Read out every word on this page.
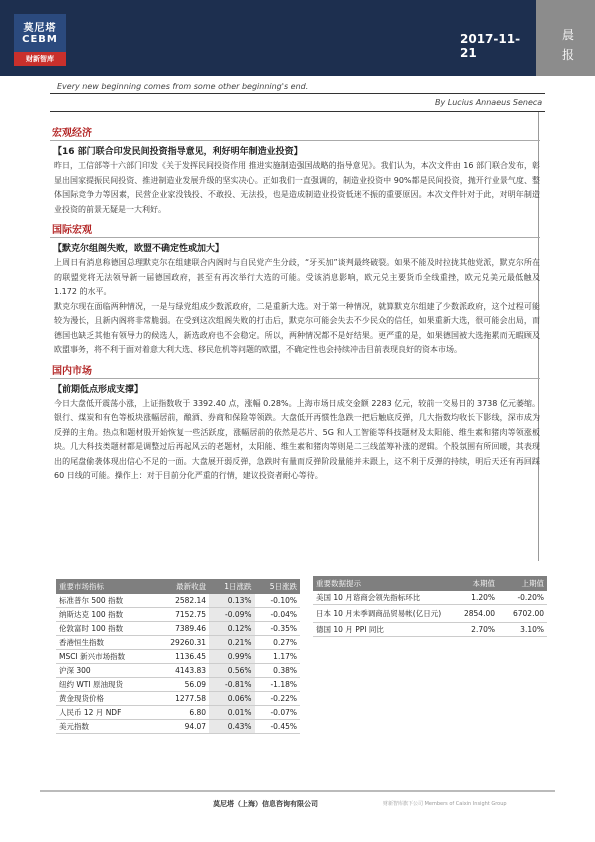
莫尼塔
CEBM
财新智库
2017-11-21
晨
报
Every new beginning comes from some other beginning's end.
By Lucius Annaeus Seneca
宏观经济
【16 部门联合印发民间投资指导意见，利好明年制造业投资】

昨日，工信部等十六部门印发《关于发挥民间投资作用 推进实施制造强国战略的指导意见》。我们认为，本次文件由 16 部门联合发布，彰显出国家提振民间投资、推进制造业发展升级的坚实决心。正如我们一直强调的，制造业投资中 90%都是民间投资，抛开行业景气度、整体国际竞争力等因素，民营企业家没钱投、不敢投、无法投，也是造成制造业投资低迷不振的重要原因。本次文件针对于此，对明年制造业投资的前景无疑是一大利好。

国际宏观
【默克尔组阁失败，欧盟不确定性或加大】

上周日有消息称德国总理默克尔在组建联合内阁时与自民党产生分歧，“牙买加”谈判最终破裂。如果不能及时拉拢其他党派，默克尔所在的联盟党将无法领导新一届德国政府，甚至有再次举行大选的可能。受该消息影响，欧元兑主要货币全线重挫，欧元兑美元最低触及 1.172 的水平。

默克尔现在面临两种情况，一是与绿党组成少数派政府，二是重新大选。对于第一种情况，就算默克尔组建了少数派政府，这个过程可能较为漫长，且新内阁将非常脆弱。在受到这次组阁失败的打击后，默克尔可能会失去不少民众的信任，如果重新大选，很可能会出局，而德国也缺乏其他有领导力的候选人，新选政府也不会稳定。所以，两种情况都不是好结果。更严重的是，如果德国被大选拖累而无暇顾及欧盟事务，将不利于面对着意大利大选、移民危机等问题的欧盟，不确定性也会持续冲击目前表现良好的资本市场。

国内市场
【前期低点形成支撑】

今日大盘低开震荡小涨，上证指数收于 3392.40 点，涨幅 0.28%。上海市场日成交金额 2283 亿元，较前一交易日的 3738 亿元萎缩。银行、煤炭和有色等板块涨幅居前，酿酒、券商和保险等领跌。大盘低开再惯性急跌一把后触底反弹，几大指数均收长下影线，深市成为反弹的主角。热点和题材股开始恢复一些活跃度，涨幅居前的依然是芯片、5G 和人工智能等科技题材及太阳能、维生素和猪肉等领涨板块。几大科技类题材都是调整过后再起风云的老题材，太阳能、维生素和猪肉等则是二三线蓝筹补涨的逻辑。个股氛围有所回暖，其表现出的尾盘偷袭体现出信心不足的一面。大盘展开弱反弹，急跌时有量而反弹阶段量能并未跟上，这不利于反弹的持续，明后天还有再回踩 60 日线的可能。操作上：对于目前分化严重的行情，建议投资者耐心等待。

重要市场指标	最新收盘	1日涨跌	5日涨跌
标准普尔 500 指数	2582.14	0.13%	-0.10%
纳斯达克 100 指数	7152.75	-0.09%	-0.04%
伦敦富时 100 指数	7389.46	0.12%	-0.35%
香港恒生指数	29260.31	0.21%	0.27%
MSCI 新兴市场指数	1136.45	0.99%	1.17%
沪深 300	4143.83	0.56%	0.38%
纽约 WTI 原油现货	56.09	-0.81%	-1.18%
黄金现货价格	1277.58	0.06%	-0.22%
人民币 12 月 NDF	6.80	0.01%	-0.07%
美元指数	94.07	0.43%	-0.45%
重要数据提示	本期值	上期值
美国 10 月谘商会领先指标环比	1.20%	-0.20%
日本 10 月未季调商品贸易帐(亿日元)	2854.00	6702.00
德国 10 月 PPI 同比	2.70%	3.10%
莫尼塔（上海）信息咨询有限公司	财新智库旗下公司 Members of Caixin Insight Group
